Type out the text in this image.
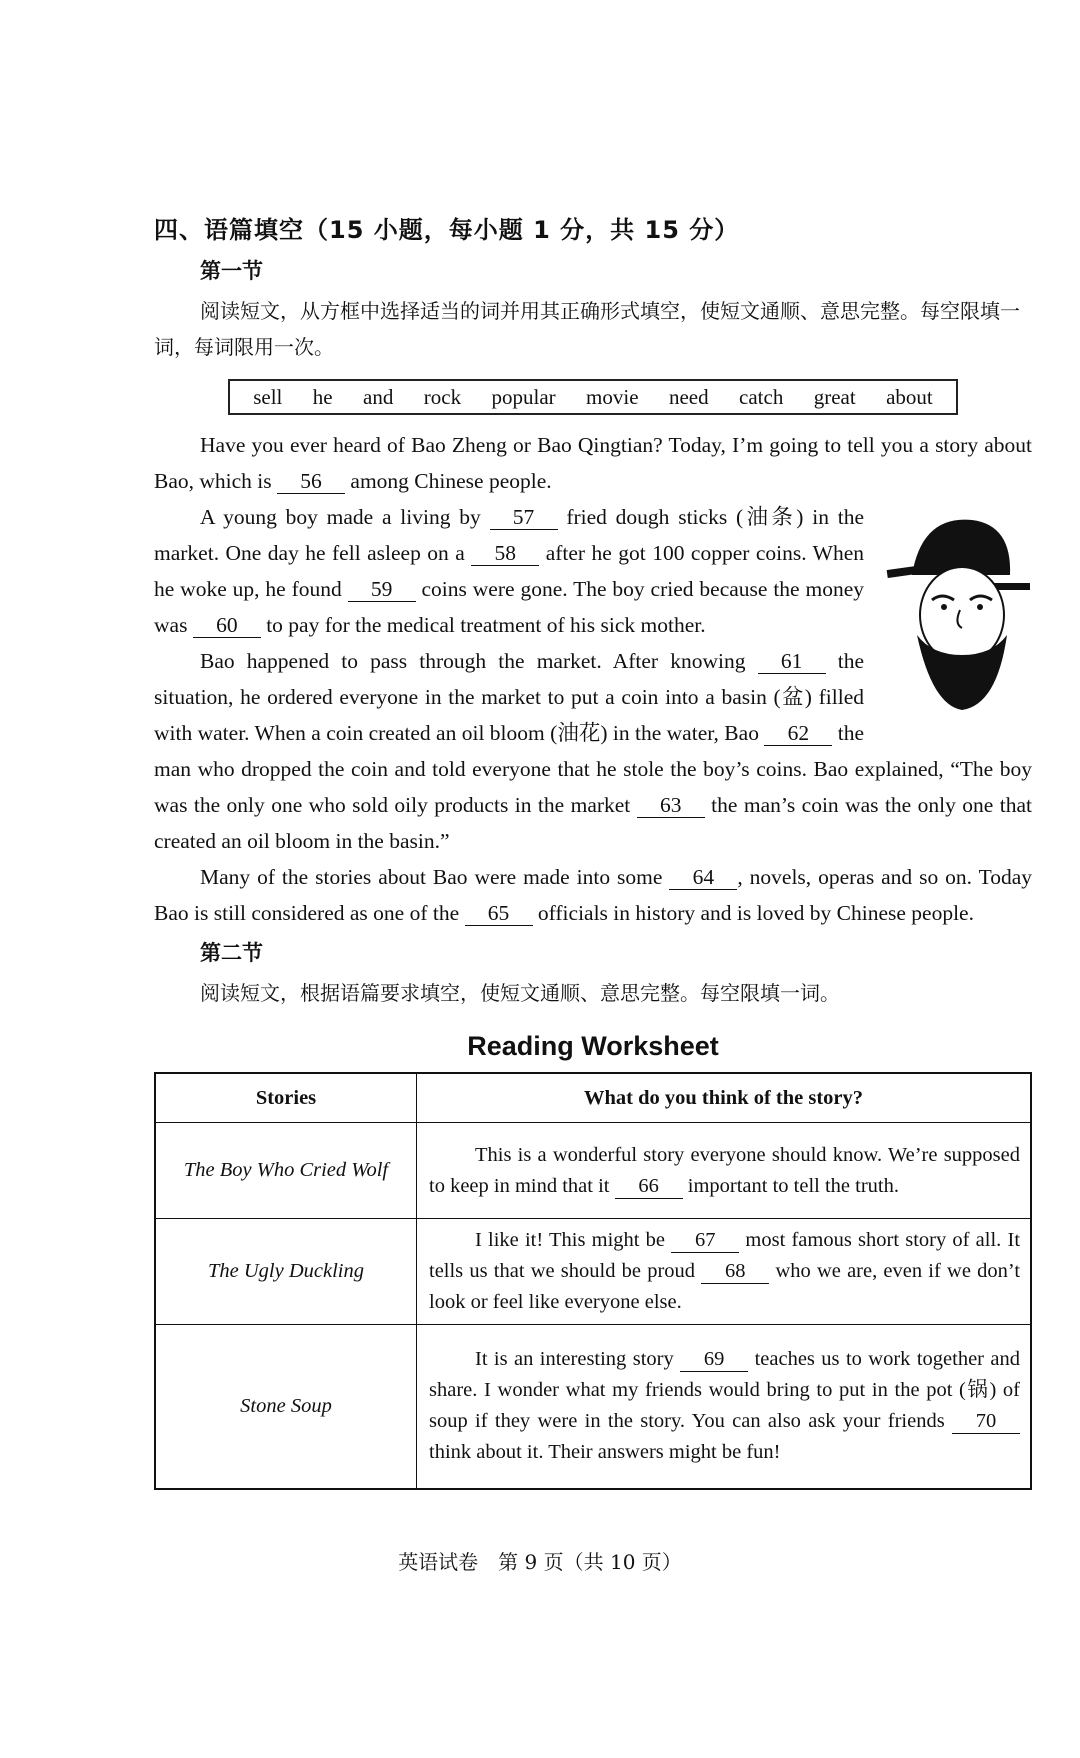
四、语篇填空（15 小题，每小题 1 分，共 15 分）
第一节

阅读短文，从方框中选择适当的词并用其正确形式填空，使短文通顺、意思完整。每空限填一词，每词限用一次。

sell he and rock popular movie need catch great about

Have you ever heard of Bao Zheng or Bao Qingtian? Today, I’m going to tell you a story about Bao, which is 56 among Chinese people.

A young boy made a living by 57 fried dough sticks (油条) in the market. One day he fell asleep on a 58 after he got 100 copper coins. When he woke up, he found 59 coins were gone. The boy cried because the money was 60 to pay for the medical treatment of his sick mother.

Bao happened to pass through the market. After knowing 61 the situation, he ordered everyone in the market to put a coin into a basin (盆) filled with water. When a coin created an oil bloom (油花) in the water, Bao 62 the man who dropped the coin and told everyone that he stole the boy’s coins. Bao explained, “The boy was the only one who sold oily products in the market 63 the man’s coin was the only one that created an oil bloom in the basin.”

Many of the stories about Bao were made into some 64 , novels, operas and so on. Today Bao is still considered as one of the 65 officials in history and is loved by Chinese people.

第二节

阅读短文，根据语篇要求填空，使短文通顺、意思完整。每空限填一词。

Reading Worksheet
Stories	What do you think of the story?
The Boy Who Cried Wolf	This is a wonderful story everyone should know. We’re supposed to keep in mind that it 66 important to tell the truth.
The Ugly Duckling	I like it! This might be 67 most famous short story of all. It tells us that we should be proud 68 who we are, even if we don’t look or feel like everyone else.
Stone Soup	It is an interesting story 69 teaches us to work together and share. I wonder what my friends would bring to put in the pot (锅) of soup if they were in the story. You can also ask your friends 70 think about it. Their answers might be fun!
英语试卷　第 9 页（共 10 页）
